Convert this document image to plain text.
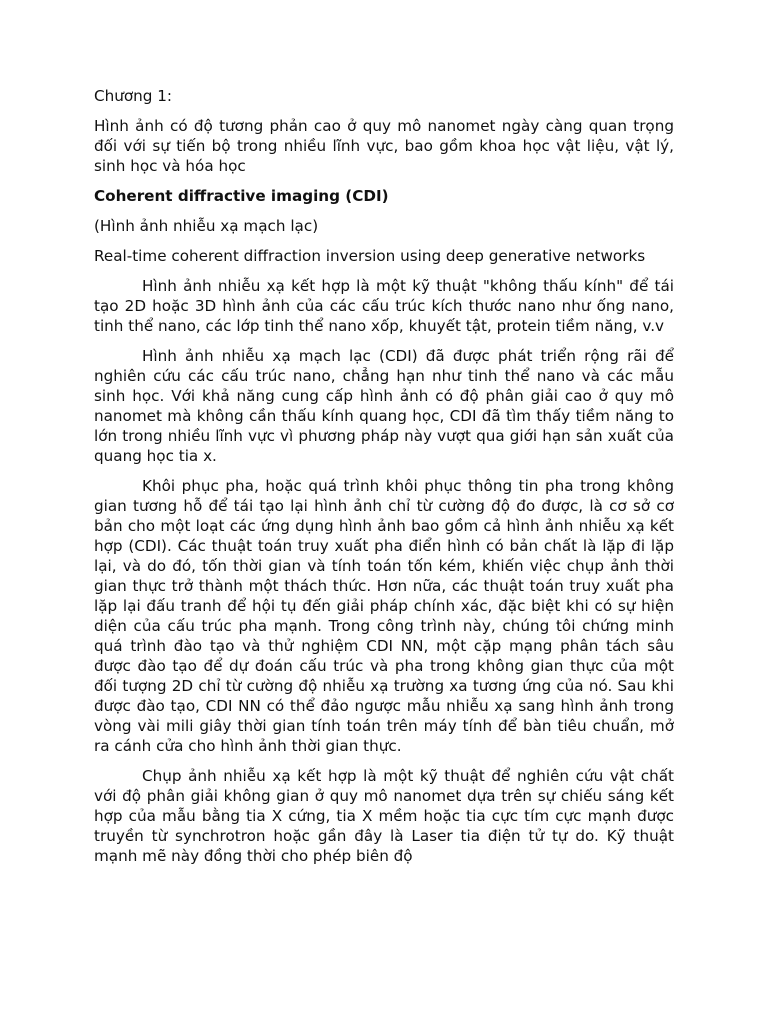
Chương 1:

Hình ảnh có độ tương phản cao ở quy mô nanomet ngày càng quan trọng đối với sự tiến bộ trong nhiều lĩnh vực, bao gồm khoa học vật liệu, vật lý, sinh học và hóa học

Coherent diffractive imaging (CDI)

(Hình ảnh nhiễu xạ mạch lạc)

Real-time coherent diffraction inversion using deep generative networks

Hình ảnh nhiễu xạ kết hợp là một kỹ thuật "không thấu kính" để tái tạo 2D hoặc 3D hình ảnh của các cấu trúc kích thước nano như ống nano, tinh thể nano, các lớp tinh thể nano xốp, khuyết tật, protein tiềm năng, v.v

Hình ảnh nhiễu xạ mạch lạc (CDI) đã được phát triển rộng rãi để nghiên cứu các cấu trúc nano, chẳng hạn như tinh thể nano và các mẫu sinh học. Với khả năng cung cấp hình ảnh có độ phân giải cao ở quy mô nanomet mà không cần thấu kính quang học, CDI đã tìm thấy tiềm năng to lớn trong nhiều lĩnh vực vì phương pháp này vượt qua giới hạn sản xuất của quang học tia x.

Khôi phục pha, hoặc quá trình khôi phục thông tin pha trong không gian tương hỗ để tái tạo lại hình ảnh chỉ từ cường độ đo được, là cơ sở cơ bản cho một loạt các ứng dụng hình ảnh bao gồm cả hình ảnh nhiễu xạ kết hợp (CDI). Các thuật toán truy xuất pha điển hình có bản chất là lặp đi lặp lại, và do đó, tốn thời gian và tính toán tốn kém, khiến việc chụp ảnh thời gian thực trở thành một thách thức. Hơn nữa, các thuật toán truy xuất pha lặp lại đấu tranh để hội tụ đến giải pháp chính xác, đặc biệt khi có sự hiện diện của cấu trúc pha mạnh. Trong công trình này, chúng tôi chứng minh quá trình đào tạo và thử nghiệm CDI NN, một cặp mạng phân tách sâu được đào tạo để dự đoán cấu trúc và pha trong không gian thực của một đối tượng 2D chỉ từ cường độ nhiễu xạ trường xa tương ứng của nó. Sau khi được đào tạo, CDI NN có thể đảo ngược mẫu nhiễu xạ sang hình ảnh trong vòng vài mili giây thời gian tính toán trên máy tính để bàn tiêu chuẩn, mở ra cánh cửa cho hình ảnh thời gian thực.

Chụp ảnh nhiễu xạ kết hợp là một kỹ thuật để nghiên cứu vật chất với độ phân giải không gian ở quy mô nanomet dựa trên sự chiếu sáng kết hợp của mẫu bằng tia X cứng, tia X mềm hoặc tia cực tím cực mạnh được truyền từ synchrotron hoặc gần đây là Laser tia điện tử tự do. Kỹ thuật mạnh mẽ này đồng thời cho phép biên độ
